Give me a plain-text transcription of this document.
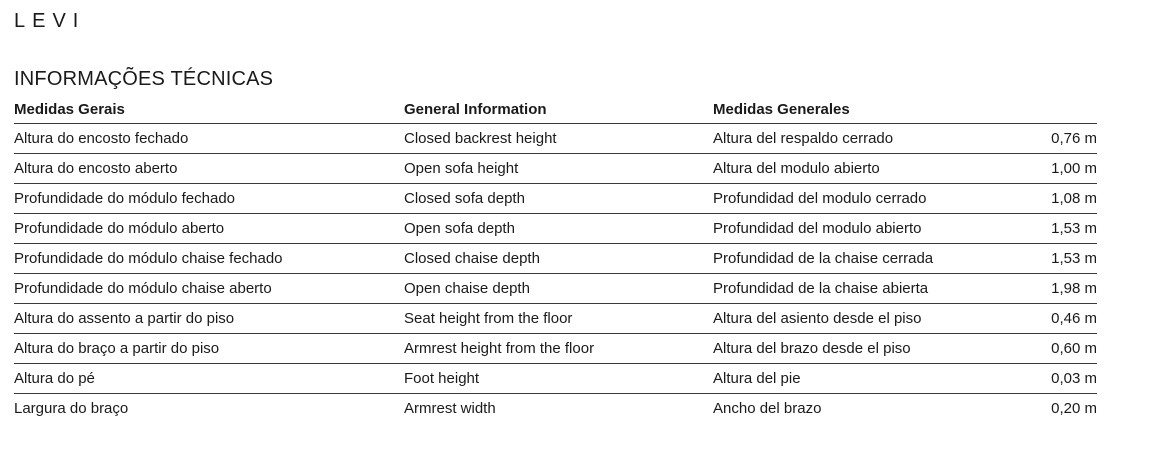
LEVI
INFORMAÇÕES TÉCNICAS
Medidas Gerais	General Information	Medidas Generales
Altura do encosto fechado	Closed backrest height	Altura del respaldo cerrado	0,76 m
Altura do encosto aberto	Open sofa height	Altura del modulo abierto	1,00 m
Profundidade do módulo fechado	Closed sofa depth	Profundidad del modulo cerrado	1,08 m
Profundidade do módulo aberto	Open sofa depth	Profundidad del modulo abierto	1,53 m
Profundidade do módulo chaise fechado	Closed chaise depth	Profundidad de la chaise cerrada	1,53 m
Profundidade do módulo chaise aberto	Open chaise depth	Profundidad de la chaise abierta	1,98 m
Altura do assento a partir do piso	Seat height from the floor	Altura del asiento desde el piso	0,46 m
Altura do braço a partir do piso	Armrest height from the floor	Altura del brazo desde el piso	0,60 m
Altura do pé	Foot height	Altura del pie	0,03 m
Largura do braço	Armrest width	Ancho del brazo	0,20 m
